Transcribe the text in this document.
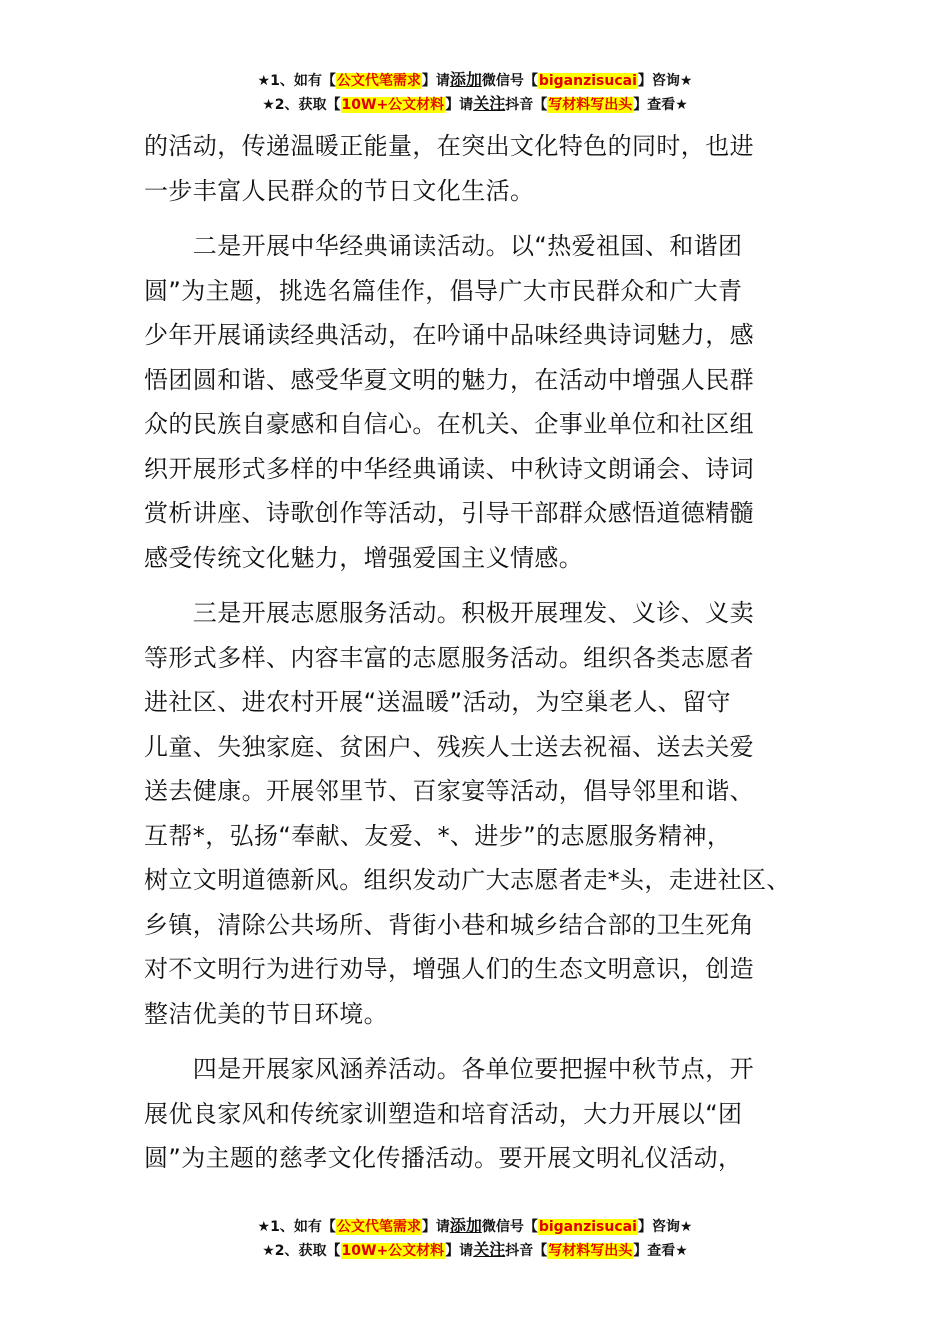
★1、如有【公文代笔需求】请添加微信号【biganzisucai】咨询★
★2、获取【10W+公文材料】请关注抖音【写材料写出头】查看★
的活动，传递温暖正能量，在突出文化特色的同时，也进
一步丰富人民群众的节日文化生活。
　　二是开展中华经典诵读活动。以“热爱祖国、和谐团
圆”为主题，挑选名篇佳作，倡导广大市民群众和广大青
少年开展诵读经典活动，在吟诵中品味经典诗词魅力，感
悟团圆和谐、感受华夏文明的魅力，在活动中增强人民群
众的民族自豪感和自信心。在机关、企事业单位和社区组
织开展形式多样的中华经典诵读、中秋诗文朗诵会、诗词
赏析讲座、诗歌创作等活动，引导干部群众感悟道德精髓
感受传统文化魅力，增强爱国主义情感。
　　三是开展志愿服务活动。积极开展理发、义诊、义卖
等形式多样、内容丰富的志愿服务活动。组织各类志愿者
进社区、进农村开展“送温暖”活动，为空巢老人、留守
儿童、失独家庭、贫困户、残疾人士送去祝福、送去关爱
送去健康。开展邻里节、百家宴等活动，倡导邻里和谐、
互帮*，弘扬“奉献、友爱、*、进步”的志愿服务精神，
树立文明道德新风。组织发动广大志愿者走*头，走进社区、
乡镇，清除公共场所、背街小巷和城乡结合部的卫生死角
对不文明行为进行劝导，增强人们的生态文明意识，创造
整洁优美的节日环境。
　　四是开展家风涵养活动。各单位要把握中秋节点，开
展优良家风和传统家训塑造和培育活动，大力开展以“团
圆”为主题的慈孝文化传播活动。要开展文明礼仪活动，
★1、如有【公文代笔需求】请添加微信号【biganzisucai】咨询★
★2、获取【10W+公文材料】请关注抖音【写材料写出头】查看★
